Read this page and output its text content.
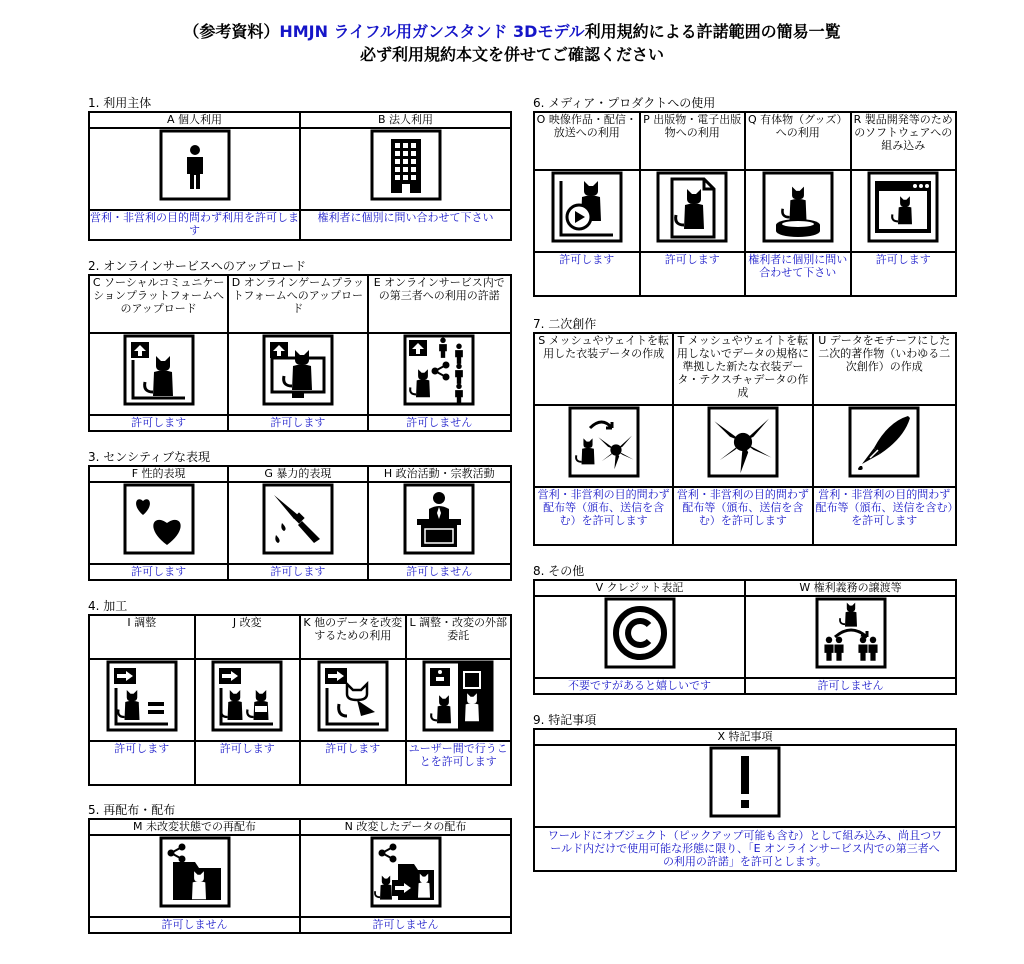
（参考資料）HMJN ライフル用ガンスタンド 3Dモデル利用規約による許諾範囲の簡易一覧
必ず利用規約本文を併せてご確認ください
1. 利用主体
A 個人利用	B 法人利用

営利・非営利の目的問わず利用を許可します	権利者に個別に問い合わせて下さい
2. オンラインサービスへのアップロード
C ソーシャルコミュニケーションプラットフォームへのアップロード	D オンラインゲームプラットフォームへのアップロード	E オンラインサービス内での第三者への利用の許諾

許可します	許可します	許可しません
3. センシティブな表現
F 性的表現	G 暴力的表現	H 政治活動・宗教活動

許可します	許可します	許可しません
4. 加工
I 調整	J 改変	K 他のデータを改変するための利用	L 調整・改変の外部委託

許可します	許可します	許可します	ユーザー間で行うことを許可します
5. 再配布・配布
M 未改変状態での再配布	N 改変したデータの配布

許可しません	許可しません
6. メディア・プロダクトへの使用
O 映像作品・配信・放送への利用	P 出版物・電子出版物への利用	Q 有体物（グッズ）への利用	R 製品開発等のためのソフトウェアへの組み込み

許可します	許可します	権利者に個別に問い合わせて下さい	許可します
7. 二次創作
S メッシュやウェイトを転用した衣装データの作成	T メッシュやウェイトを転用しないでデータの規格に準拠した新たな衣装データ・テクスチャデータの作成	U データをモチーフにした二次的著作物（いわゆる二次創作）の作成

営利・非営利の目的問わず配布等（頒布、送信を含む）を許可します	営利・非営利の目的問わず配布等（頒布、送信を含む）を許可します	営利・非営利の目的問わず配布等（頒布、送信を含む）を許可します
8. その他
V クレジット表記	W 権利義務の譲渡等

不要ですがあると嬉しいです	許可しません
9. 特記事項
X 特記事項

ワールドにオブジェクト（ピックアップ可能も含む）として組み込み、尚且つワールド内だけで使用可能な形態に限り、「E オンラインサービス内での第三者への利用の許諾」を許可とします。
